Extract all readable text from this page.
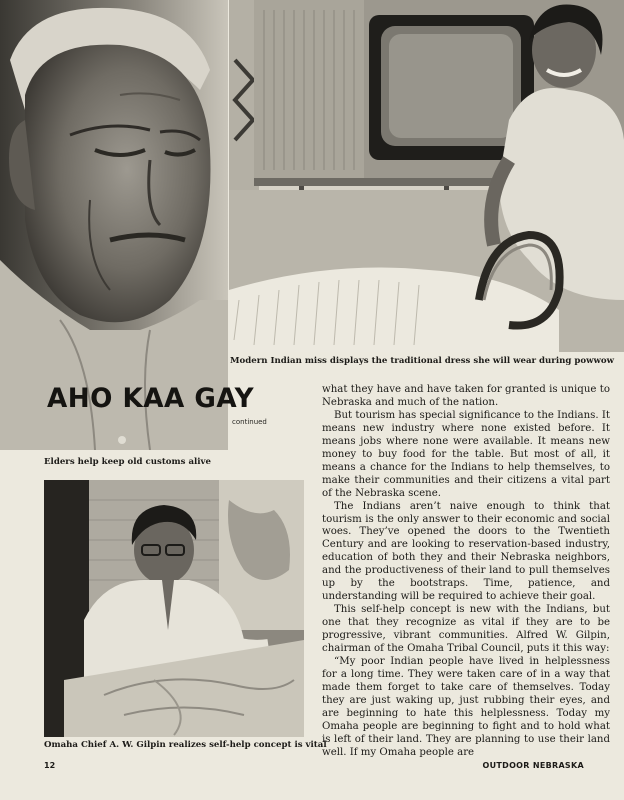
Modern Indian miss displays the traditional dress she will wear during powwow
AHO KAA GAY
continued
Elders help keep old customs alive

what they have and have taken for granted is unique to Nebraska and much of the nation.

But tourism has special significance to the Indians. It means new industry where none existed before. It means jobs where none were available. It means new money to buy food for the table. But most of all, it means a chance for the Indians to help themselves, to make their communities and their citizens a vital part of the Nebraska scene.

The Indians aren’t naive enough to think that tourism is the only answer to their economic and social woes. They’ve opened the doors to the Twentieth Century and are looking to reservation-based industry, education of both they and their Nebraska neighbors, and the productiveness of their land to pull themselves up by the bootstraps. Time, patience, and understanding will be required to achieve their goal.

This self-help concept is new with the Indians, but one that they recognize as vital if they are to be progressive, vibrant communities. Alfred W. Gilpin, chairman of the Omaha Tribal Council, puts it this way:

“My poor Indian people have lived in helplessness for a long time. They were taken care of in a way that made them forget to take care of themselves. Today they are just waking up, just rubbing their eyes, and are beginning to hate this helplessness. Today my Omaha people are beginning to fight and to hold what is left of their land. They are planning to use their land well. If my Omaha people are

Omaha Chief A. W. Gilpin realizes self-help concept is vital
12	OUTDOOR NEBRASKA
